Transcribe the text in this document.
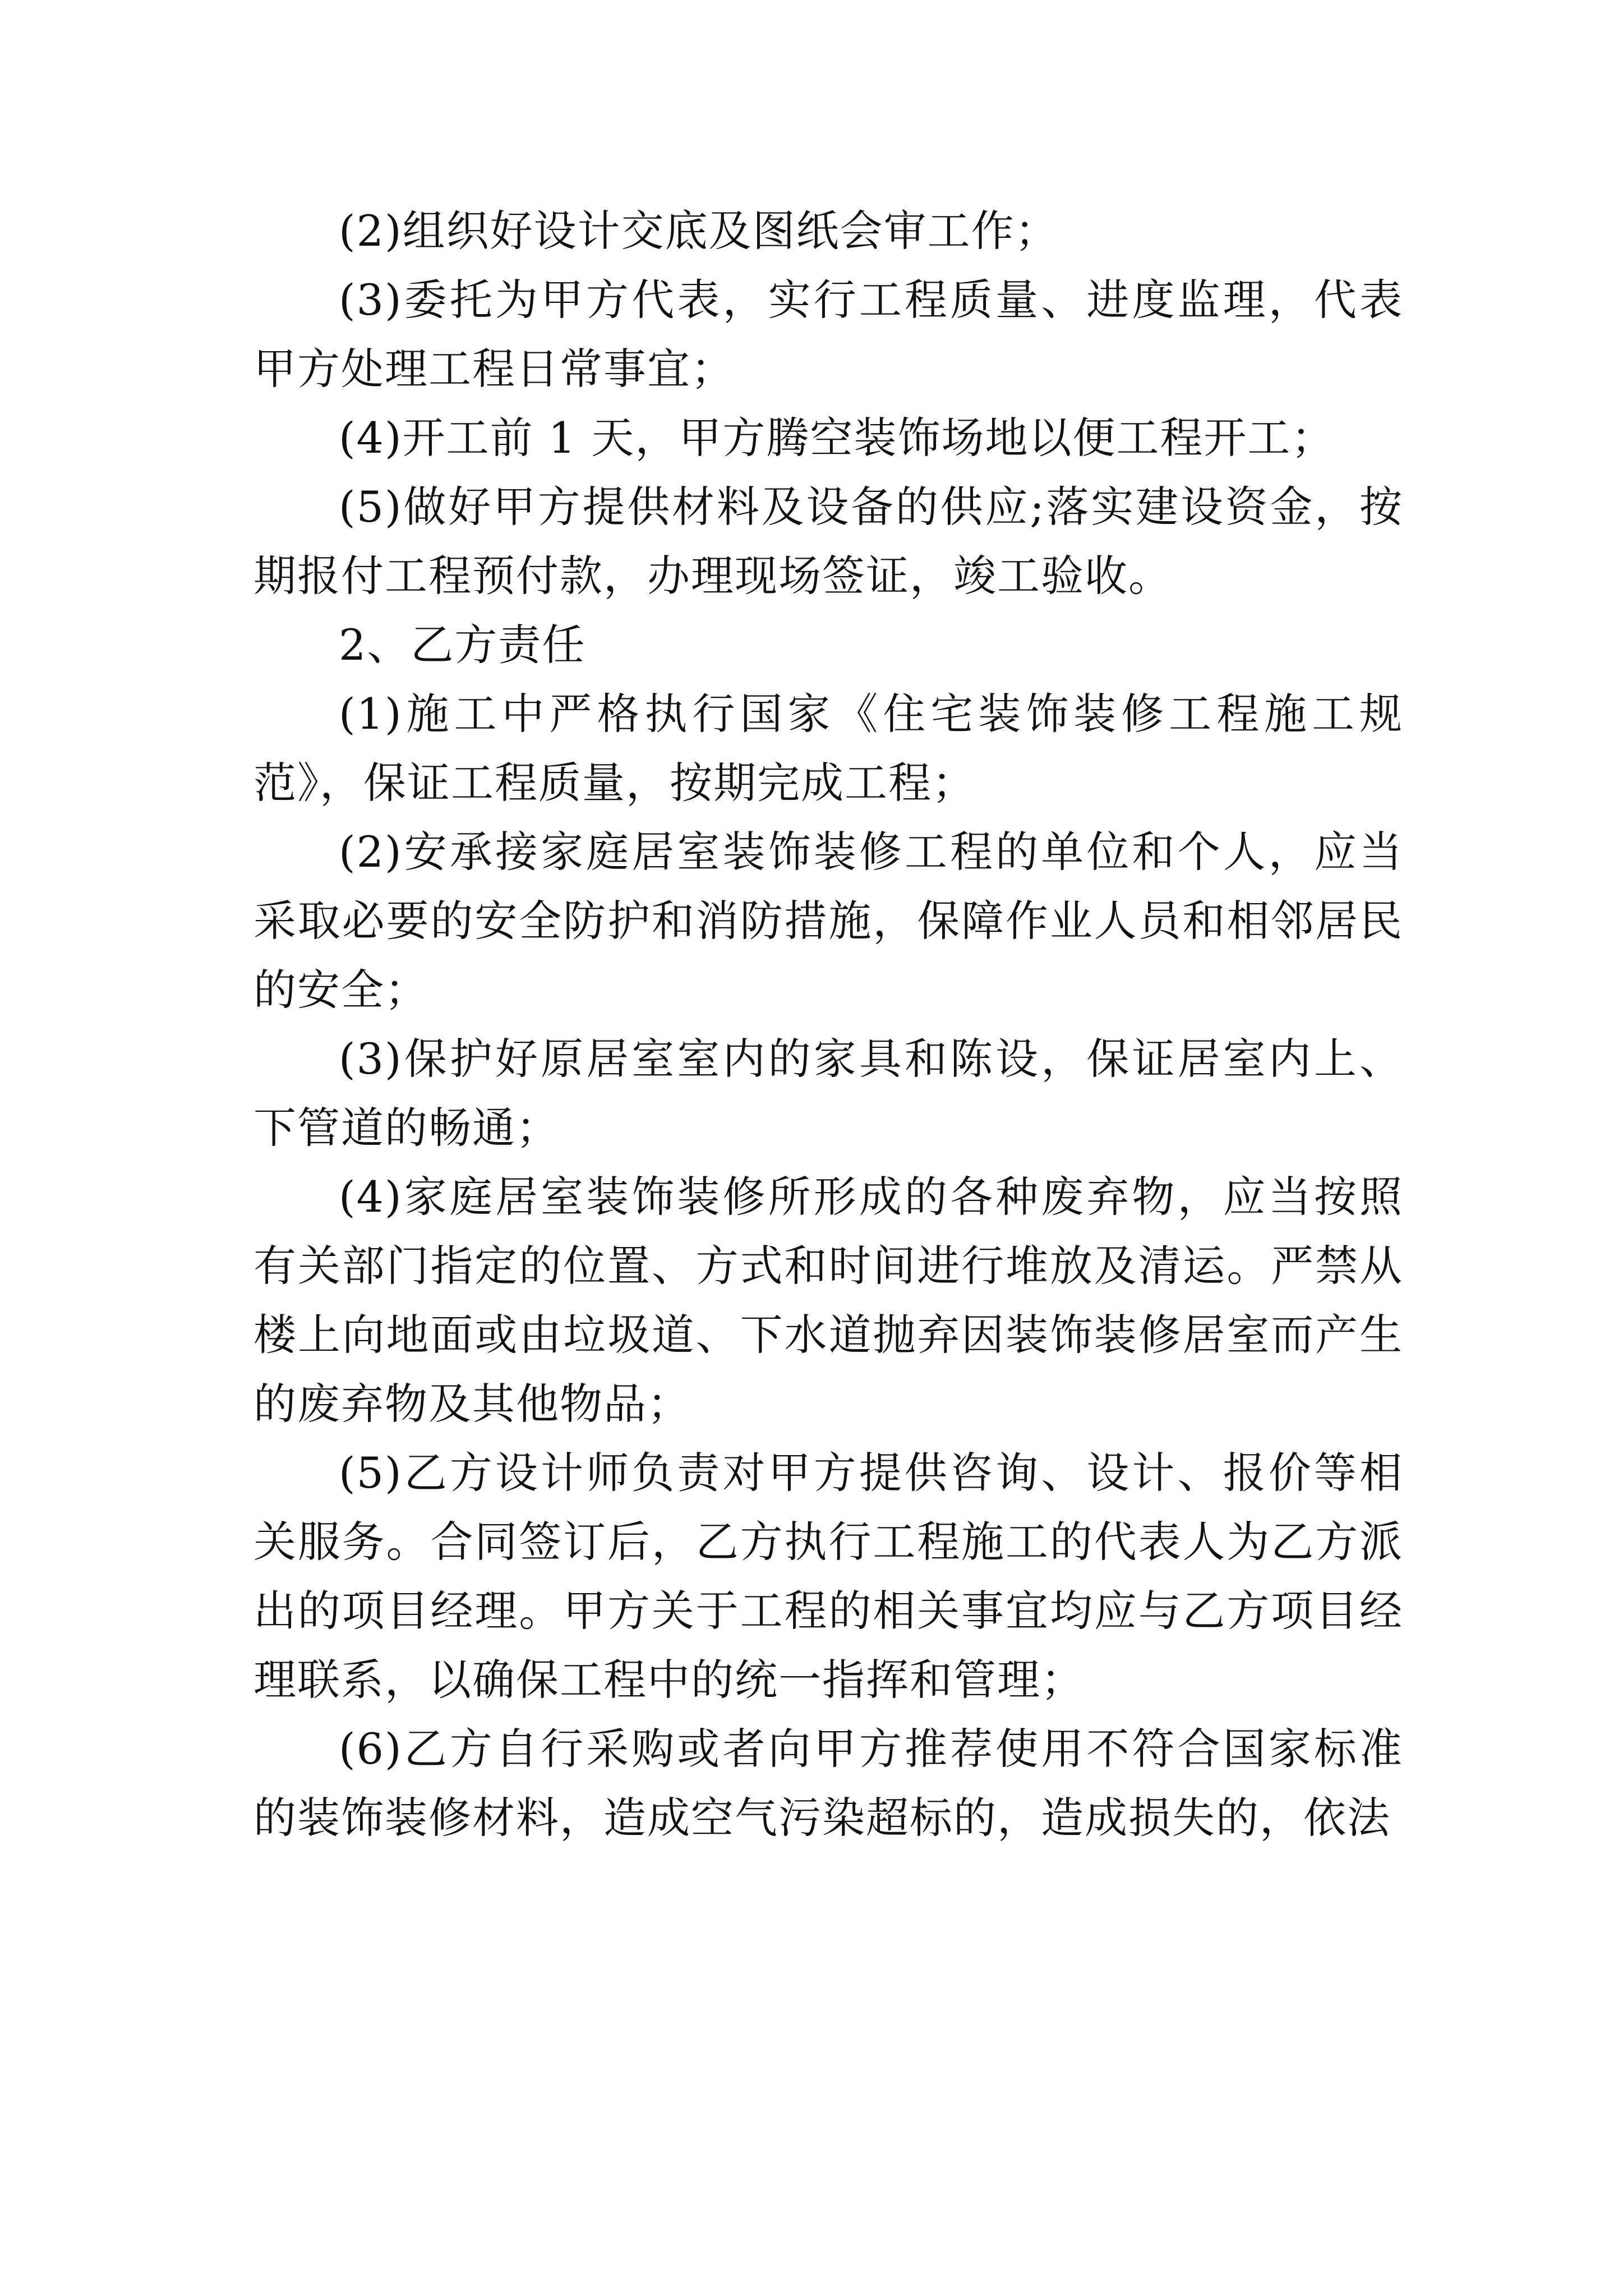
(2)组织好设计交底及图纸会审工作；

(3)委托为甲方代表，实行工程质量、进度监理，代表甲方处理工程日常事宜；

(4)开工前 1 天，甲方腾空装饰场地以便工程开工；

(5)做好甲方提供材料及设备的供应;落实建设资金，按期报付工程预付款，办理现场签证，竣工验收。

2、乙方责任

(1)施工中严格执行国家《住宅装饰装修工程施工规范》，保证工程质量，按期完成工程；

(2)安承接家庭居室装饰装修工程的单位和个人，应当采取必要的安全防护和消防措施，保障作业人员和相邻居民的安全；

(3)保护好原居室室内的家具和陈设，保证居室内上、下管道的畅通；

(4)家庭居室装饰装修所形成的各种废弃物，应当按照有关部门指定的位置、方式和时间进行堆放及清运。严禁从楼上向地面或由垃圾道、下水道抛弃因装饰装修居室而产生的废弃物及其他物品；

(5)乙方设计师负责对甲方提供咨询、设计、报价等相关服务。合同签订后，乙方执行工程施工的代表人为乙方派出的项目经理。甲方关于工程的相关事宜均应与乙方项目经理联系，以确保工程中的统一指挥和管理；

(6)乙方自行采购或者向甲方推荐使用不符合国家标准的装饰装修材料，造成空气污染超标的，造成损失的，依法
